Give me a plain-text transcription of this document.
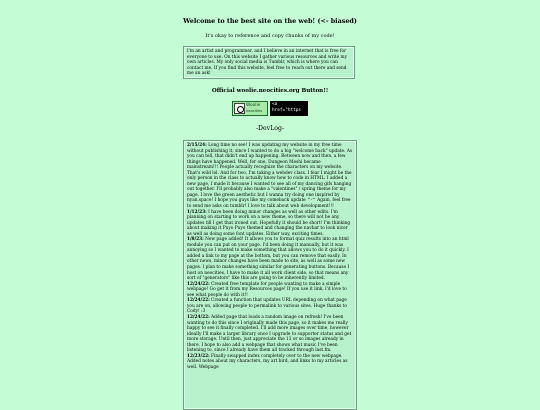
Welcome to the best site on the web! (<- biased)
It's okay to reference and copy chunks of my code!
I'm an artist and programmer, and I believe in an internet that is free for everyone to use. On this website I gather various resources and write my own articles. My only social media is Tumblr, which is where you can contact me. If you find this website, feel free to reach out there and send me an ask!
Official woolie.neocities.org Button!!
Woolie
neocities
<a
href="https
-DevLog-

2/15/24: Long time no see! I was updating my website in my free time without publishing it, since I wanted to do a big "welcome back" update. As you can tell, that didn't end up happening. Between now and then, a few things have happened. Well, for one, Dungeon Meshi became mainstream!!! People actually recognize the characters on my website. That's wild lol. And for two, I'm taking a webdev class. I fear I might be the only person in the class to actually know how to code in HTML. I added a new page, I made it because I wanted to see all of my dancing gifs hanging out together. I'll probably also make a "valentines" / spring theme for my page. I love the green aesthetic but I wanna try doing one inspired by nyan.space! I hope you guys like my comeback update ^-^ Again, feel free to send me asks on tumblr! I love to talk about web development!!!

1/12/23: I have been doing minor changes as well as other edits. I'm planning on starting to work on a new theme, so there will not be any updates till I get that ironed out. Hopefully it should be short! I'm thinking about making it Puyo Puyo themed and changing the navbar to look nicer as well as doing some font updates. Either way, exciting times.

1/8/23: New page added! It allows you to format quiz results into an html module you can put on your page. I'd been doing it manually, but it was annoying so I wanted to make something that allows you to do it quickly. I added a link to my page at the bottom, but you can remove that easily. In other news, minor changes have been made to site, as well as some new pages. I plan to make something similar for generating buttons. Because I host on neocities, I have to make it all work client side, so that means any sort of "generators" like this are going to be inherently limited.

12/24/22: Created free template for people wanting to make a simple webpage! Go get it from my Resources page! If you use it link, I'd love to see what people do with it!!

12/24/22: Created a function that updates URL depending on what page you are on, allowing people to permalink to various sites. Huge thanks to Cody! :3

12/24/22: Added page that loads a random image on refresh! I've been wanting to do this since I originally made this page, so it makes me really happy to see it finally completed. I'll add more images over time, however ideally I'll make a larger library once I upgrade to supporter status and get more storage. Until then, just appreciate the 13 or so images already in there. I hope to also add a webpage that shows what music I've been listening to, since I already have them all tracked through last.fm.

12/23/22: Finally swapped index completely over to the new webpage. Added notes about my characters, my art bird, and links to my articles as well. Webpage
